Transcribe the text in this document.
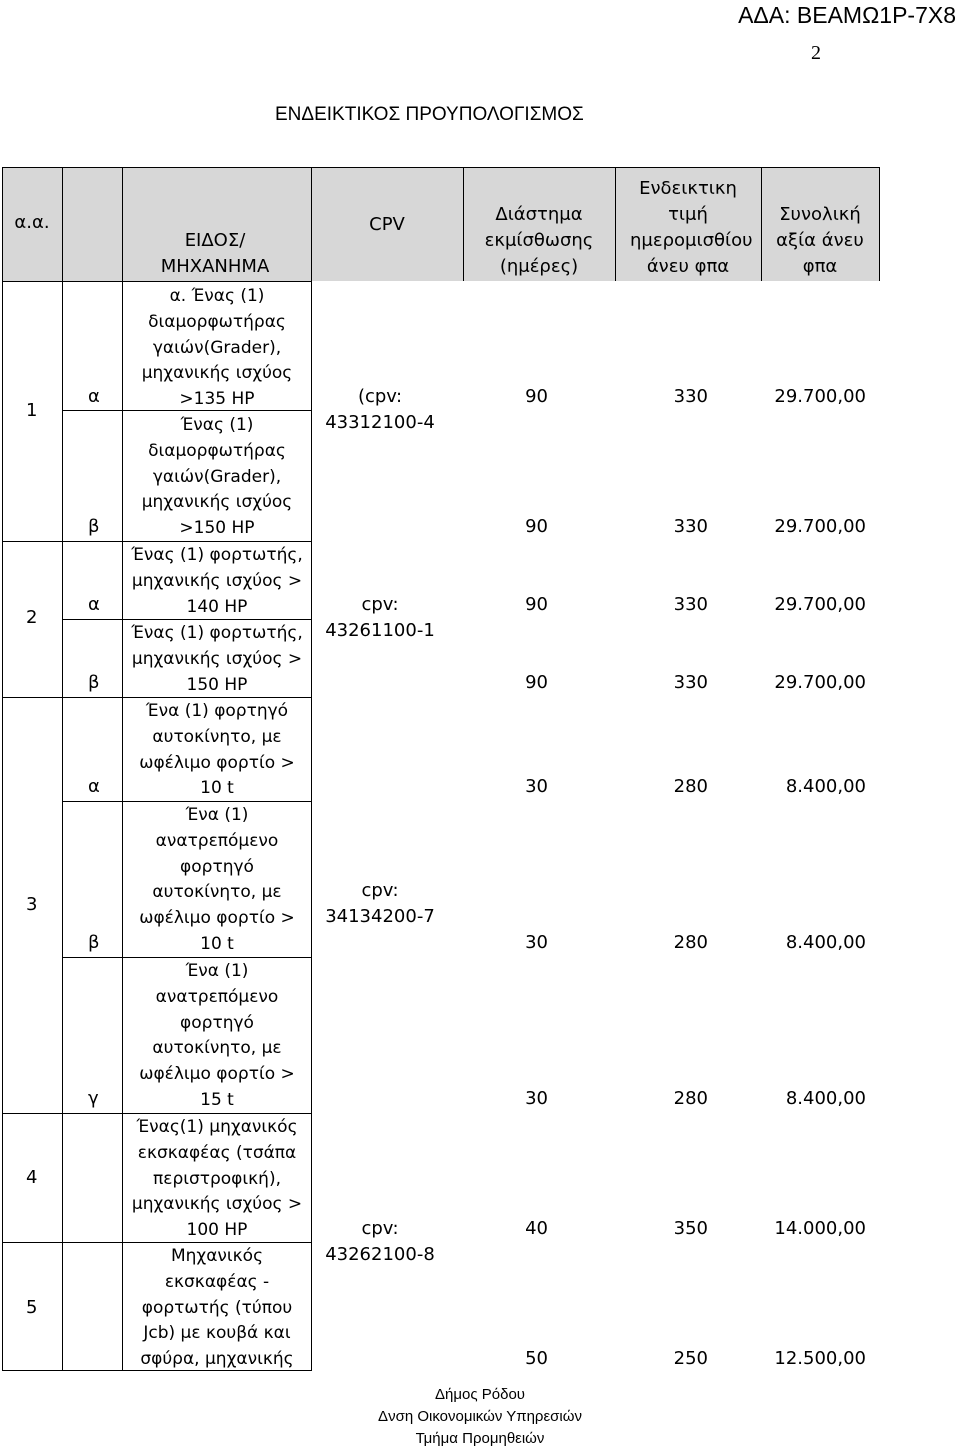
ΑΔΑ: ΒΕΑΜΩ1Ρ-7Χ8
2
ΕΝΔΕΙΚΤΙΚΟΣ ΠΡΟΥΠΟΛΟΓΙΣΜΟΣ
α.α.
ΕΙΔΟΣ/ ΜΗΧΑΝΗΜΑ
CPV	Διάστημα εκμίσθωσης (ημέρες)
Ενδεικτικη τιμή ημερομισθίου άνευ φπα
Συνολική αξία άνευ φπα
1
2
3
4
5
(cpv: 43312100-4
cpv: 43261100-1
cpv: 34134200-7
cpv: 43262100-8
α
β
α
β
α
β
γ
α. Ένας (1) διαμορφωτήρας γαιών(Grader), μηχανικής ισχύος >135 HP
Ένας (1) διαμορφωτήρας γαιών(Grader), μηχανικής ισχύος >150 HP
Ένας (1) φορτωτής, μηχανικής ισχύος > 140 HP
Ένας (1) φορτωτής, μηχανικής ισχύος > 150 HP
Ένα (1) φορτηγό αυτοκίνητο, με ωφέλιμο φορτίο > 10 t
Ένα (1) ανατρεπόμενο φορτηγό αυτοκίνητο, με ωφέλιμο φορτίο > 10 t
Ένα (1) ανατρεπόμενο φορτηγό αυτοκίνητο, με ωφέλιμο φορτίο > 15 t
Ένας(1) μηχανικός εκσκαφέας (τσάπα περιστροφική), μηχανικής ισχύος > 100 HP
Μηχανικός εκσκαφέας - φορτωτής (τύπου Jcb) με κουβά και σφύρα, μηχανικής
90
90
90
90
30
30
30
40
50
330
330
330
330
280
280
280
350
250
29.700,00
29.700,00
29.700,00
29.700,00
8.400,00
8.400,00
8.400,00
14.000,00
12.500,00
Δήμος Ρόδου
Δνση Οικονομικών Υπηρεσιών
Τμήμα Προμηθειών
